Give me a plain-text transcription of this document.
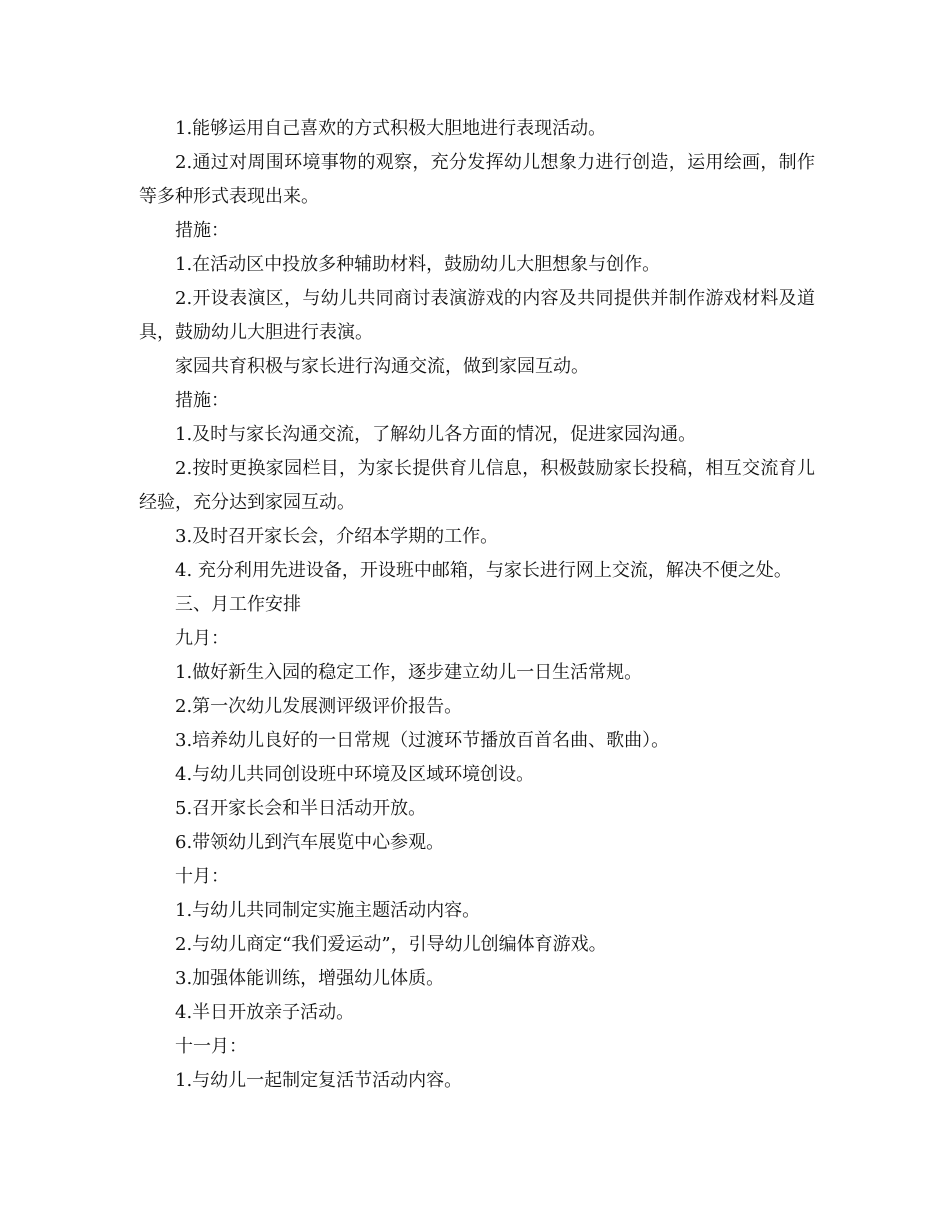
1.能够运用自己喜欢的方式积极大胆地进行表现活动。

2.通过对周围环境事物的观察，充分发挥幼儿想象力进行创造，运用绘画，制作等多种形式表现出来。

措施：

1.在活动区中投放多种辅助材料，鼓励幼儿大胆想象与创作。

2.开设表演区，与幼儿共同商讨表演游戏的内容及共同提供并制作游戏材料及道具，鼓励幼儿大胆进行表演。

家园共育积极与家长进行沟通交流，做到家园互动。

措施：

1.及时与家长沟通交流，了解幼儿各方面的情况，促进家园沟通。

2.按时更换家园栏目，为家长提供育儿信息，积极鼓励家长投稿，相互交流育儿经验，充分达到家园互动。

3.及时召开家长会，介绍本学期的工作。

4. 充分利用先进设备，开设班中邮箱，与家长进行网上交流，解决不便之处。

三、月工作安排

九月：

1.做好新生入园的稳定工作，逐步建立幼儿一日生活常规。

2.第一次幼儿发展测评级评价报告。

3.培养幼儿良好的一日常规（过渡环节播放百首名曲、歌曲）。

4.与幼儿共同创设班中环境及区域环境创设。

5.召开家长会和半日活动开放。

6.带领幼儿到汽车展览中心参观。

十月：

1.与幼儿共同制定实施主题活动内容。

2.与幼儿商定“我们爱运动”，引导幼儿创编体育游戏。

3.加强体能训练，增强幼儿体质。

4.半日开放亲子活动。

十一月：

1.与幼儿一起制定复活节活动内容。
